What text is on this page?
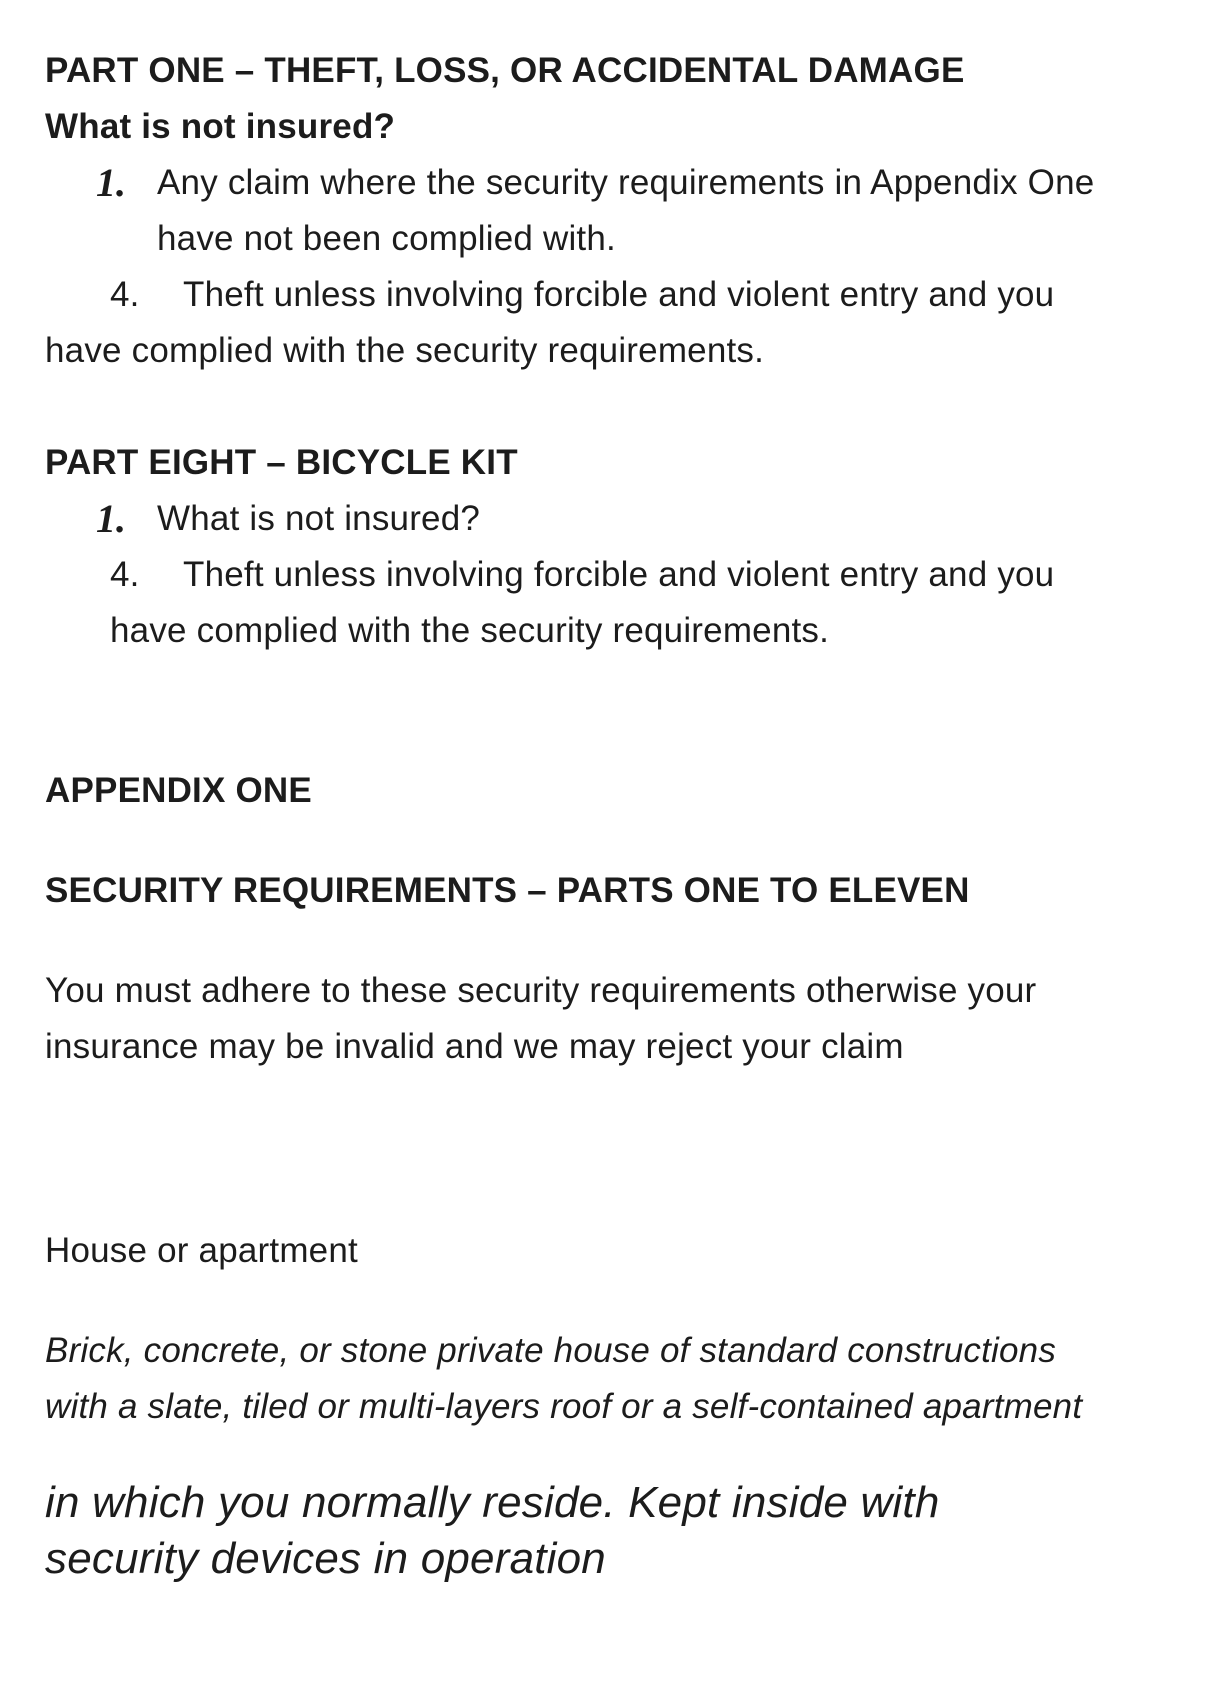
PART ONE – THEFT, LOSS, OR ACCIDENTAL DAMAGE
What is not insured?
1. Any claim where the security requirements in Appendix One
have not been complied with.
4. Theft unless involving forcible and violent entry and you
have complied with the security requirements.
PART EIGHT – BICYCLE KIT
1. What is not insured?
4. Theft unless involving forcible and violent entry and you
have complied with the security requirements.
APPENDIX ONE
SECURITY REQUIREMENTS – PARTS ONE TO ELEVEN
You must adhere to these security requirements otherwise your
insurance may be invalid and we may reject your claim
House or apartment
Brick, concrete, or stone private house of standard constructions
with a slate, tiled or multi-layers roof or a self-contained apartment
in which you normally reside. Kept inside with
security devices in operation
